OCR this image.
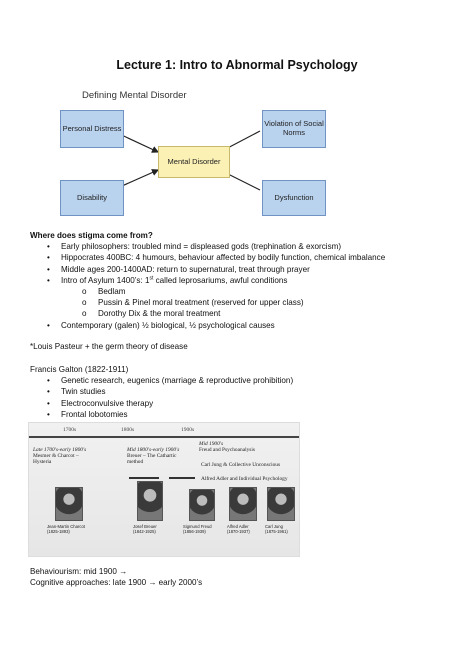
Lecture 1: Intro to Abnormal Psychology
Defining Mental Disorder
Personal Distress	Violation of Social Norms
Mental Disorder
Disability	Dysfunction
Where does stigma come from?
• Early philosophers: troubled mind = displeased gods (trephination & exorcism)
• Hippocrates 400BC: 4 humours, behaviour affected by bodily function, chemical imbalance
• Middle ages 200-1400AD: return to supernatural, treat through prayer
• Intro of Asylum 1400’s: 1st called leprosariums, awful conditions
o Bedlam
o Pussin & Pinel moral treatment (reserved for upper class)
o Dorothy Dix & the moral treatment
• Contemporary (galen) ½ biological, ½ psychological causes
*Louis Pasteur + the germ theory of disease
Francis Galton (1822-1911)
• Genetic research, eugenics (marriage & reproductive prohibition)
• Twin studies
• Electroconvulsive therapy
• Frontal lobotomies
1700s	1800s	1900s
Late 1700's-early 1800's
Mesmer & Charcot –
Hysteria
Mid 1800's-early 1900's
Breuer – The Cathartic
method
Mid 1900's
Freud and Psychoanalysis
Carl Jung & Collective Unconscious
Alfred Adler and Individual Psychology
Jean-Martin Charcot
(1825-1893)
Josef Breuer
(1842-1925)
Sigmund Freud
(1856-1939)
Alfred Adler
(1870-1937)
Carl Jung
(1875-1961)
Behaviourism: mid 1900 →
Cognitive approaches: late 1900 → early 2000’s
